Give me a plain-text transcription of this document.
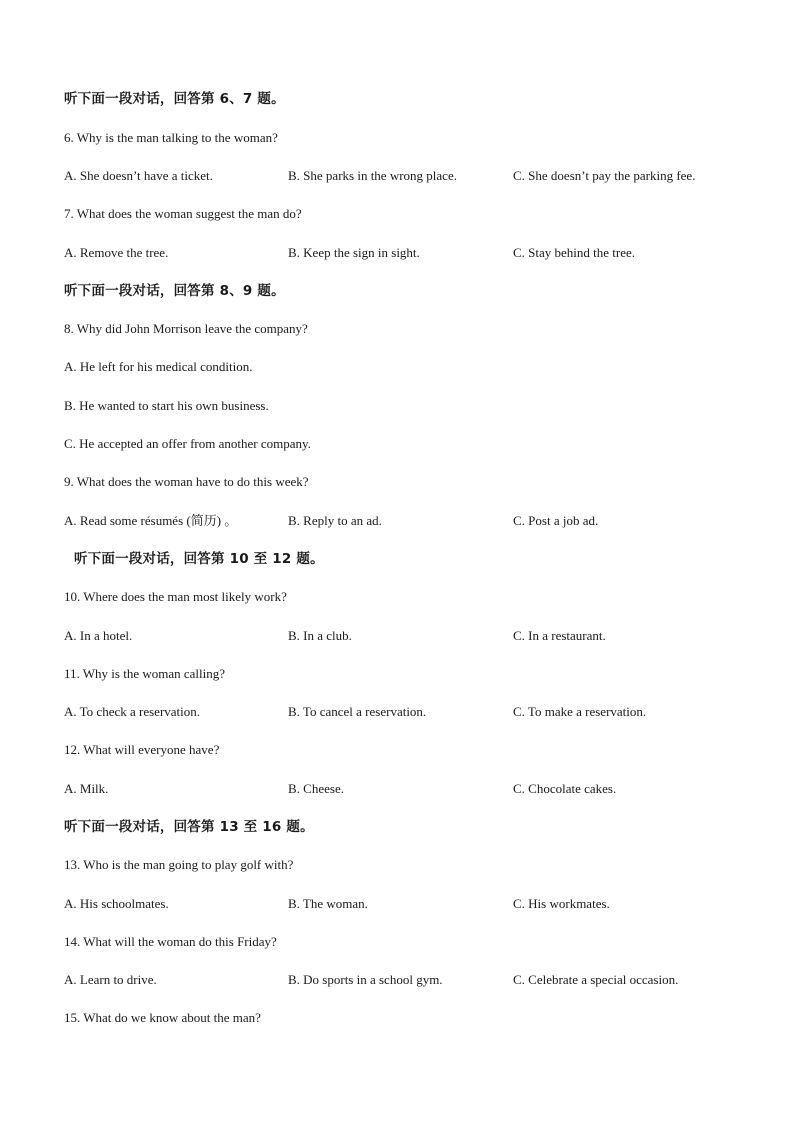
听下面一段对话，回答第 6、7 题。
6. Why is the man talking to the woman?
A. She doesn’t have a ticket.	B. She parks in the wrong place.	C. She doesn’t pay the parking fee.
7. What does the woman suggest the man do?
A. Remove the tree.	B. Keep the sign in sight.	C. Stay behind the tree.
听下面一段对话，回答第 8、9 题。
8. Why did John Morrison leave the company?
A. He left for his medical condition.
B. He wanted to start his own business.
C. He accepted an offer from another company.
9. What does the woman have to do this week?
A. Read some résumés (简历) 。	B. Reply to an ad.	C. Post a job ad.
听下面一段对话，回答第 10 至 12 题。
10. Where does the man most likely work?
A. In a hotel.	B. In a club.	C. In a restaurant.
11. Why is the woman calling?
A. To check a reservation.	B. To cancel a reservation.	C. To make a reservation.
12. What will everyone have?
A. Milk.	B. Cheese.	C. Chocolate cakes.
听下面一段对话，回答第 13 至 16 题。
13. Who is the man going to play golf with?
A. His schoolmates.	B. The woman.	C. His workmates.
14. What will the woman do this Friday?
A. Learn to drive.	B. Do sports in a school gym.	C. Celebrate a special occasion.
15. What do we know about the man?
